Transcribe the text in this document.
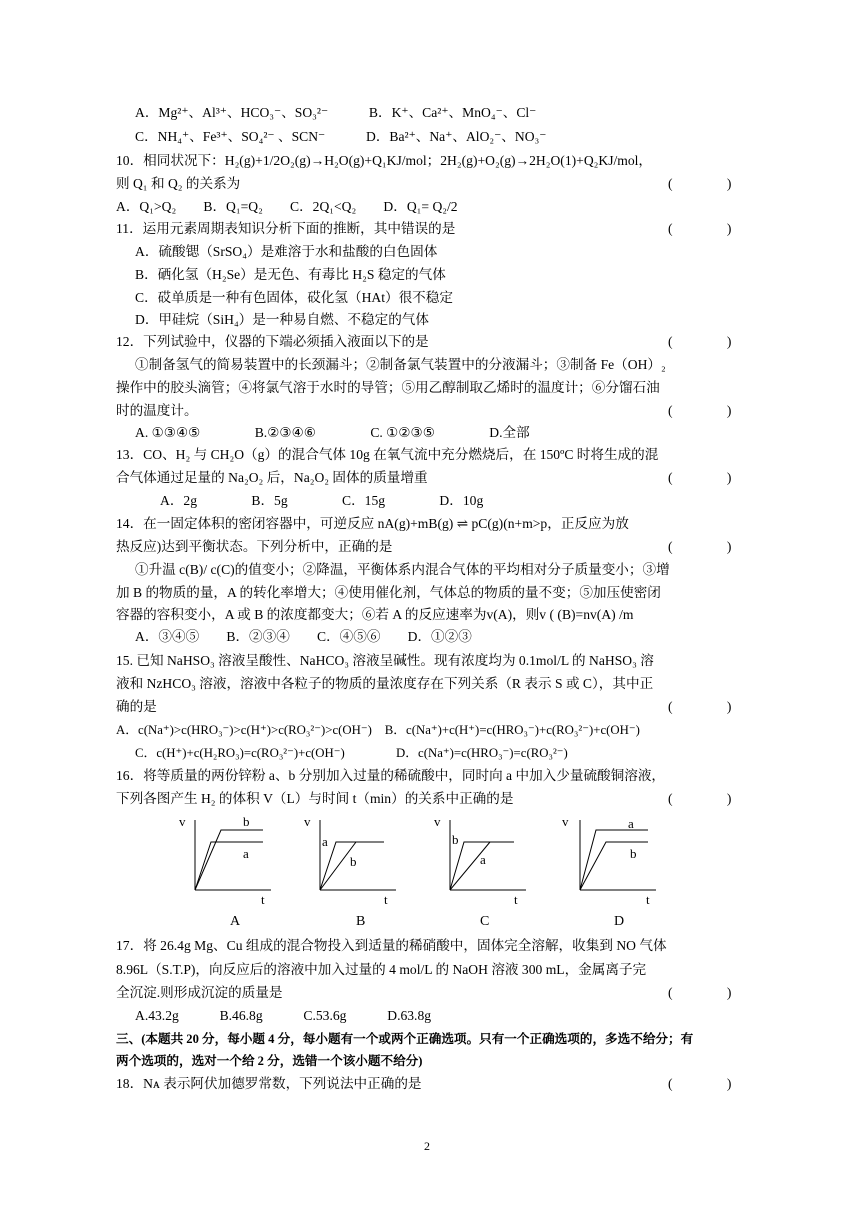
A．Mg²⁺、Al³⁺、HCO₃⁻、SO₃²⁻　　　B．K⁺、Ca²⁺、MnO₄⁻、Cl⁻
C．NH₄⁺、Fe³⁺、SO₄²⁻ 、SCN⁻　　　D．Ba²⁺、Na⁺、AlO₂⁻、NO₃⁻
10．相同状况下：H₂(g)+1/2O₂(g)→H₂O(g)+Q₁KJ/mol；2H₂(g)+O₂(g)→2H₂O(1)+Q₂KJ/mol，
则 Q₁ 和 Q₂ 的关系为	(　　　　)
A．Q₁>Q₂　　B．Q₁=Q₂　　C．2Q₁<Q₂　　D．Q₁= Q₂/2
11．运用元素周期表知识分析下面的推断，其中错误的是	(　　　　)
A．硫酸锶（SrSO₄）是难溶于水和盐酸的白色固体
B．硒化氢（H₂Se）是无色、有毒比 H₂S 稳定的气体
C．砹单质是一种有色固体，砹化氢（HAt）很不稳定
D．甲硅烷（SiH₄）是一种易自燃、不稳定的气体
12．下列试验中，仪器的下端必须插入液面以下的是	(　　　　)
①制备氢气的简易装置中的长颈漏斗；②制备氯气装置中的分液漏斗；③制备 Fe（OH）₂
操作中的胶头滴管；④将氯气溶于水时的导管；⑤用乙醇制取乙烯时的温度计；⑥分馏石油
时的温度计。	(　　　　)
A. ①③④⑤　　　　B.②③④⑥　　　　C. ①②③⑤　　　　D.全部
13．CO、H₂ 与 CH₂O（g）的混合气体 10g 在氧气流中充分燃烧后，在 150ºC 时将生成的混
合气体通过足量的 Na₂O₂ 后，Na₂O₂ 固体的质量增重	(　　　　)
A．2g　　　　B．5g　　　　C．15g　　　　D．10g
14．在一固定体积的密闭容器中，可逆反应 nA(g)+mB(g) ⇌ pC(g)(n+m>p，正反应为放
热反应)达到平衡状态。下列分析中，正确的是	(　　　　)
①升温 c(B)/ c(C)的值变小；②降温，平衡体系内混合气体的平均相对分子质量变小；③增
加 B 的物质的量，A 的转化率增大；④使用催化剂，气体总的物质的量不变；⑤加压使密闭
容器的容积变小，A 或 B 的浓度都变大；⑥若 A 的反应速率为v(A)，则v ( (B)=nv(A) /m
A．③④⑤　　B．②③④　　C．④⑤⑥　　D．①②③
15. 已知 NaHSO₃ 溶液呈酸性、NaHCO₃ 溶液呈碱性。现有浓度均为 0.1mol/L 的 NaHSO₃ 溶
液和 NzHCO₃ 溶液，溶液中各粒子的物质的量浓度存在下列关系（R 表示 S 或 C），其中正
确的是	(　　　　)
A．c(Na⁺)>c(HRO₃⁻)>c(H⁺)>c(RO₃²⁻)>c(OH⁻)　B．c(Na⁺)+c(H⁺)=c(HRO₃⁻)+c(RO₃²⁻)+c(OH⁻)
C．c(H⁺)+c(H₂RO₃)=c(RO₃²⁻)+c(OH⁻)　　　　D．c(Na⁺)=c(HRO₃⁻)=c(RO₃²⁻)
16．将等质量的两份锌粉 a、b 分别加入过量的稀硫酸中，同时向 a 中加入少量硫酸铜溶液，
下列各图产生 H₂ 的体积 V（L）与时间 t（min）的关系中正确的是	(　　　　)
v
t
b
a
A
v
t
a
b
B
v
t
b
a
C
v
t
a
b
D
17．将 26.4g Mg、Cu 组成的混合物投入到适量的稀硝酸中，固体完全溶解，收集到 NO 气体
8.96L（S.T.P)，向反应后的溶液中加入过量的 4 mol/L 的 NaOH 溶液 300 mL，金属离子完
全沉淀.则形成沉淀的质量是	(　　　　)
A.43.2g　　　B.46.8g　　　C.53.6g　　　D.63.8g
三、(本题共 20 分，每小题 4 分，每小题有一个或两个正确选项。只有一个正确选项的，多选不给分；有
两个选项的，选对一个给 2 分，选错一个该小题不给分)
18．Nᴀ 表示阿伏加德罗常数，下列说法中正确的是	(　　　　)
2
